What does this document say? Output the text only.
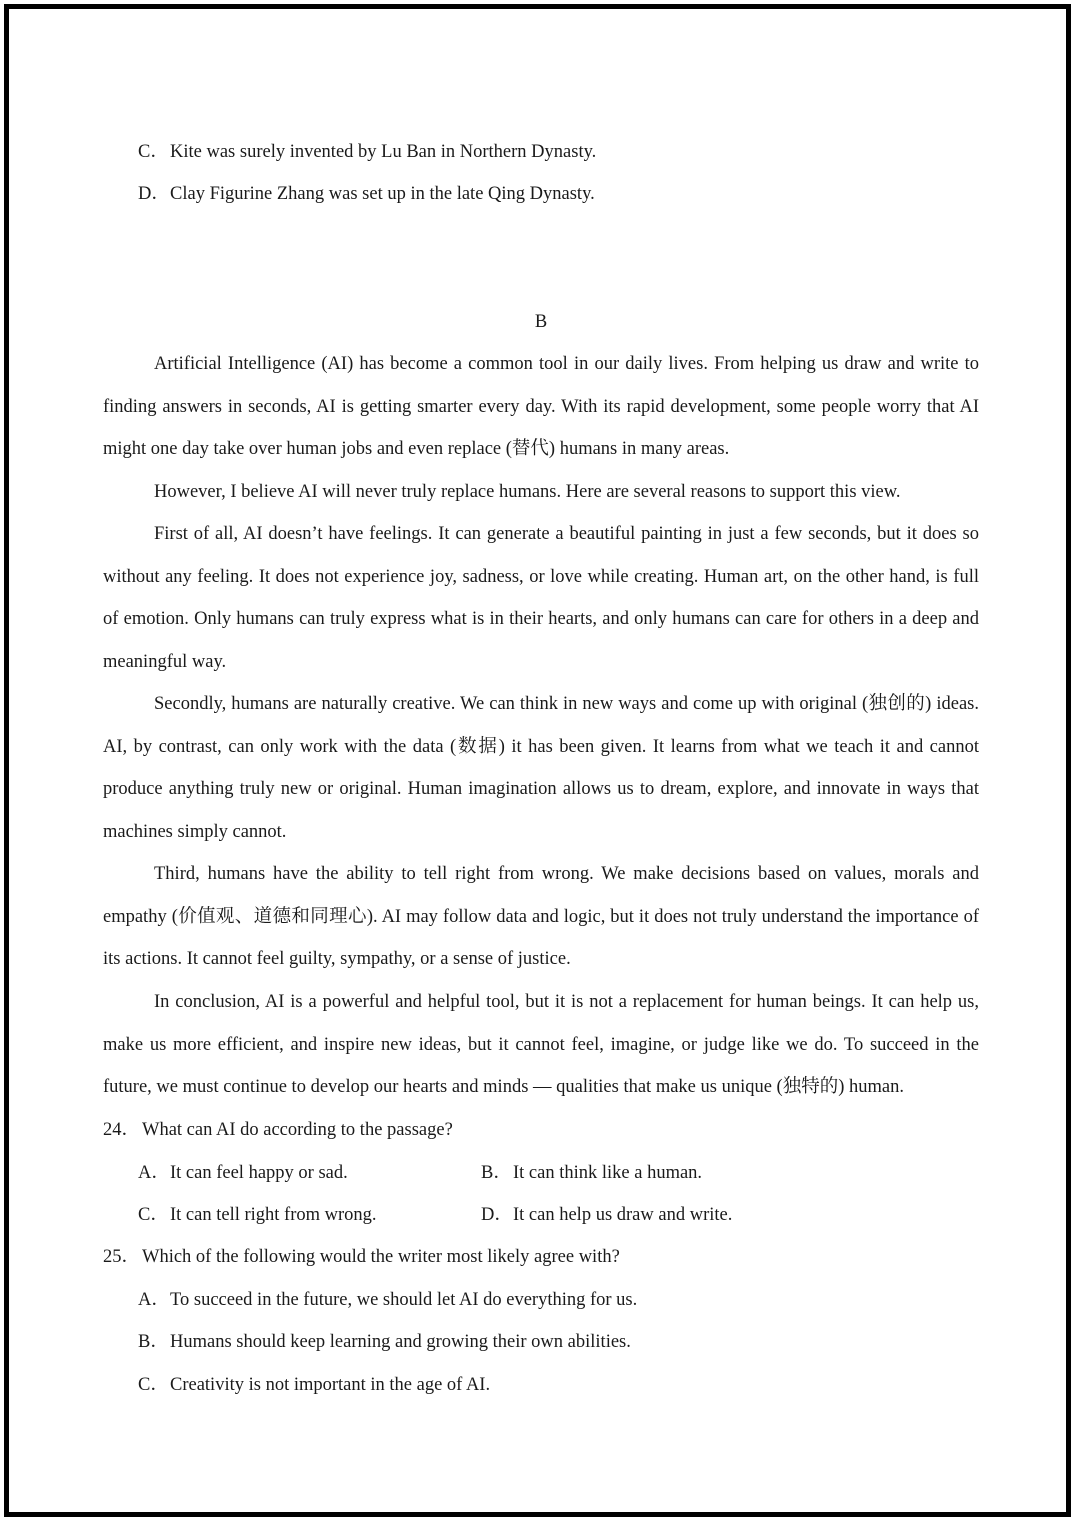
C．Kite was surely invented by Lu Ban in Northern Dynasty.
D．Clay Figurine Zhang was set up in the late Qing Dynasty.
B

Artificial Intelligence (AI) has become a common tool in our daily lives. From helping us draw and write to finding answers in seconds, AI is getting smarter every day. With its rapid development, some people worry that AI might one day take over human jobs and even replace (替代) humans in many areas.

However, I believe AI will never truly replace humans. Here are several reasons to support this view.

First of all, AI doesn’t have feelings. It can generate a beautiful painting in just a few seconds, but it does so without any feeling. It does not experience joy, sadness, or love while creating. Human art, on the other hand, is full of emotion. Only humans can truly express what is in their hearts, and only humans can care for others in a deep and meaningful way.

Secondly, humans are naturally creative. We can think in new ways and come up with original (独创的) ideas. AI, by contrast, can only work with the data (数据) it has been given. It learns from what we teach it and cannot produce anything truly new or original. Human imagination allows us to dream, explore, and innovate in ways that machines simply cannot.

Third, humans have the ability to tell right from wrong. We make decisions based on values, morals and empathy (价值观、道德和同理心). AI may follow data and logic, but it does not truly understand the importance of its actions. It cannot feel guilty, sympathy, or a sense of justice.

In conclusion, AI is a powerful and helpful tool, but it is not a replacement for human beings. It can help us, make us more efficient, and inspire new ideas, but it cannot feel, imagine, or judge like we do. To succeed in the future, we must continue to develop our hearts and minds — qualities that make us unique (独特的) human.

24． What can AI do according to the passage?
A．It can feel happy or sad.	B．It can think like a human.
C．It can tell right from wrong.	D．It can help us draw and write.
25． Which of the following would the writer most likely agree with?
A．To succeed in the future, we should let AI do everything for us.
B．Humans should keep learning and growing their own abilities.
C．Creativity is not important in the age of AI.
